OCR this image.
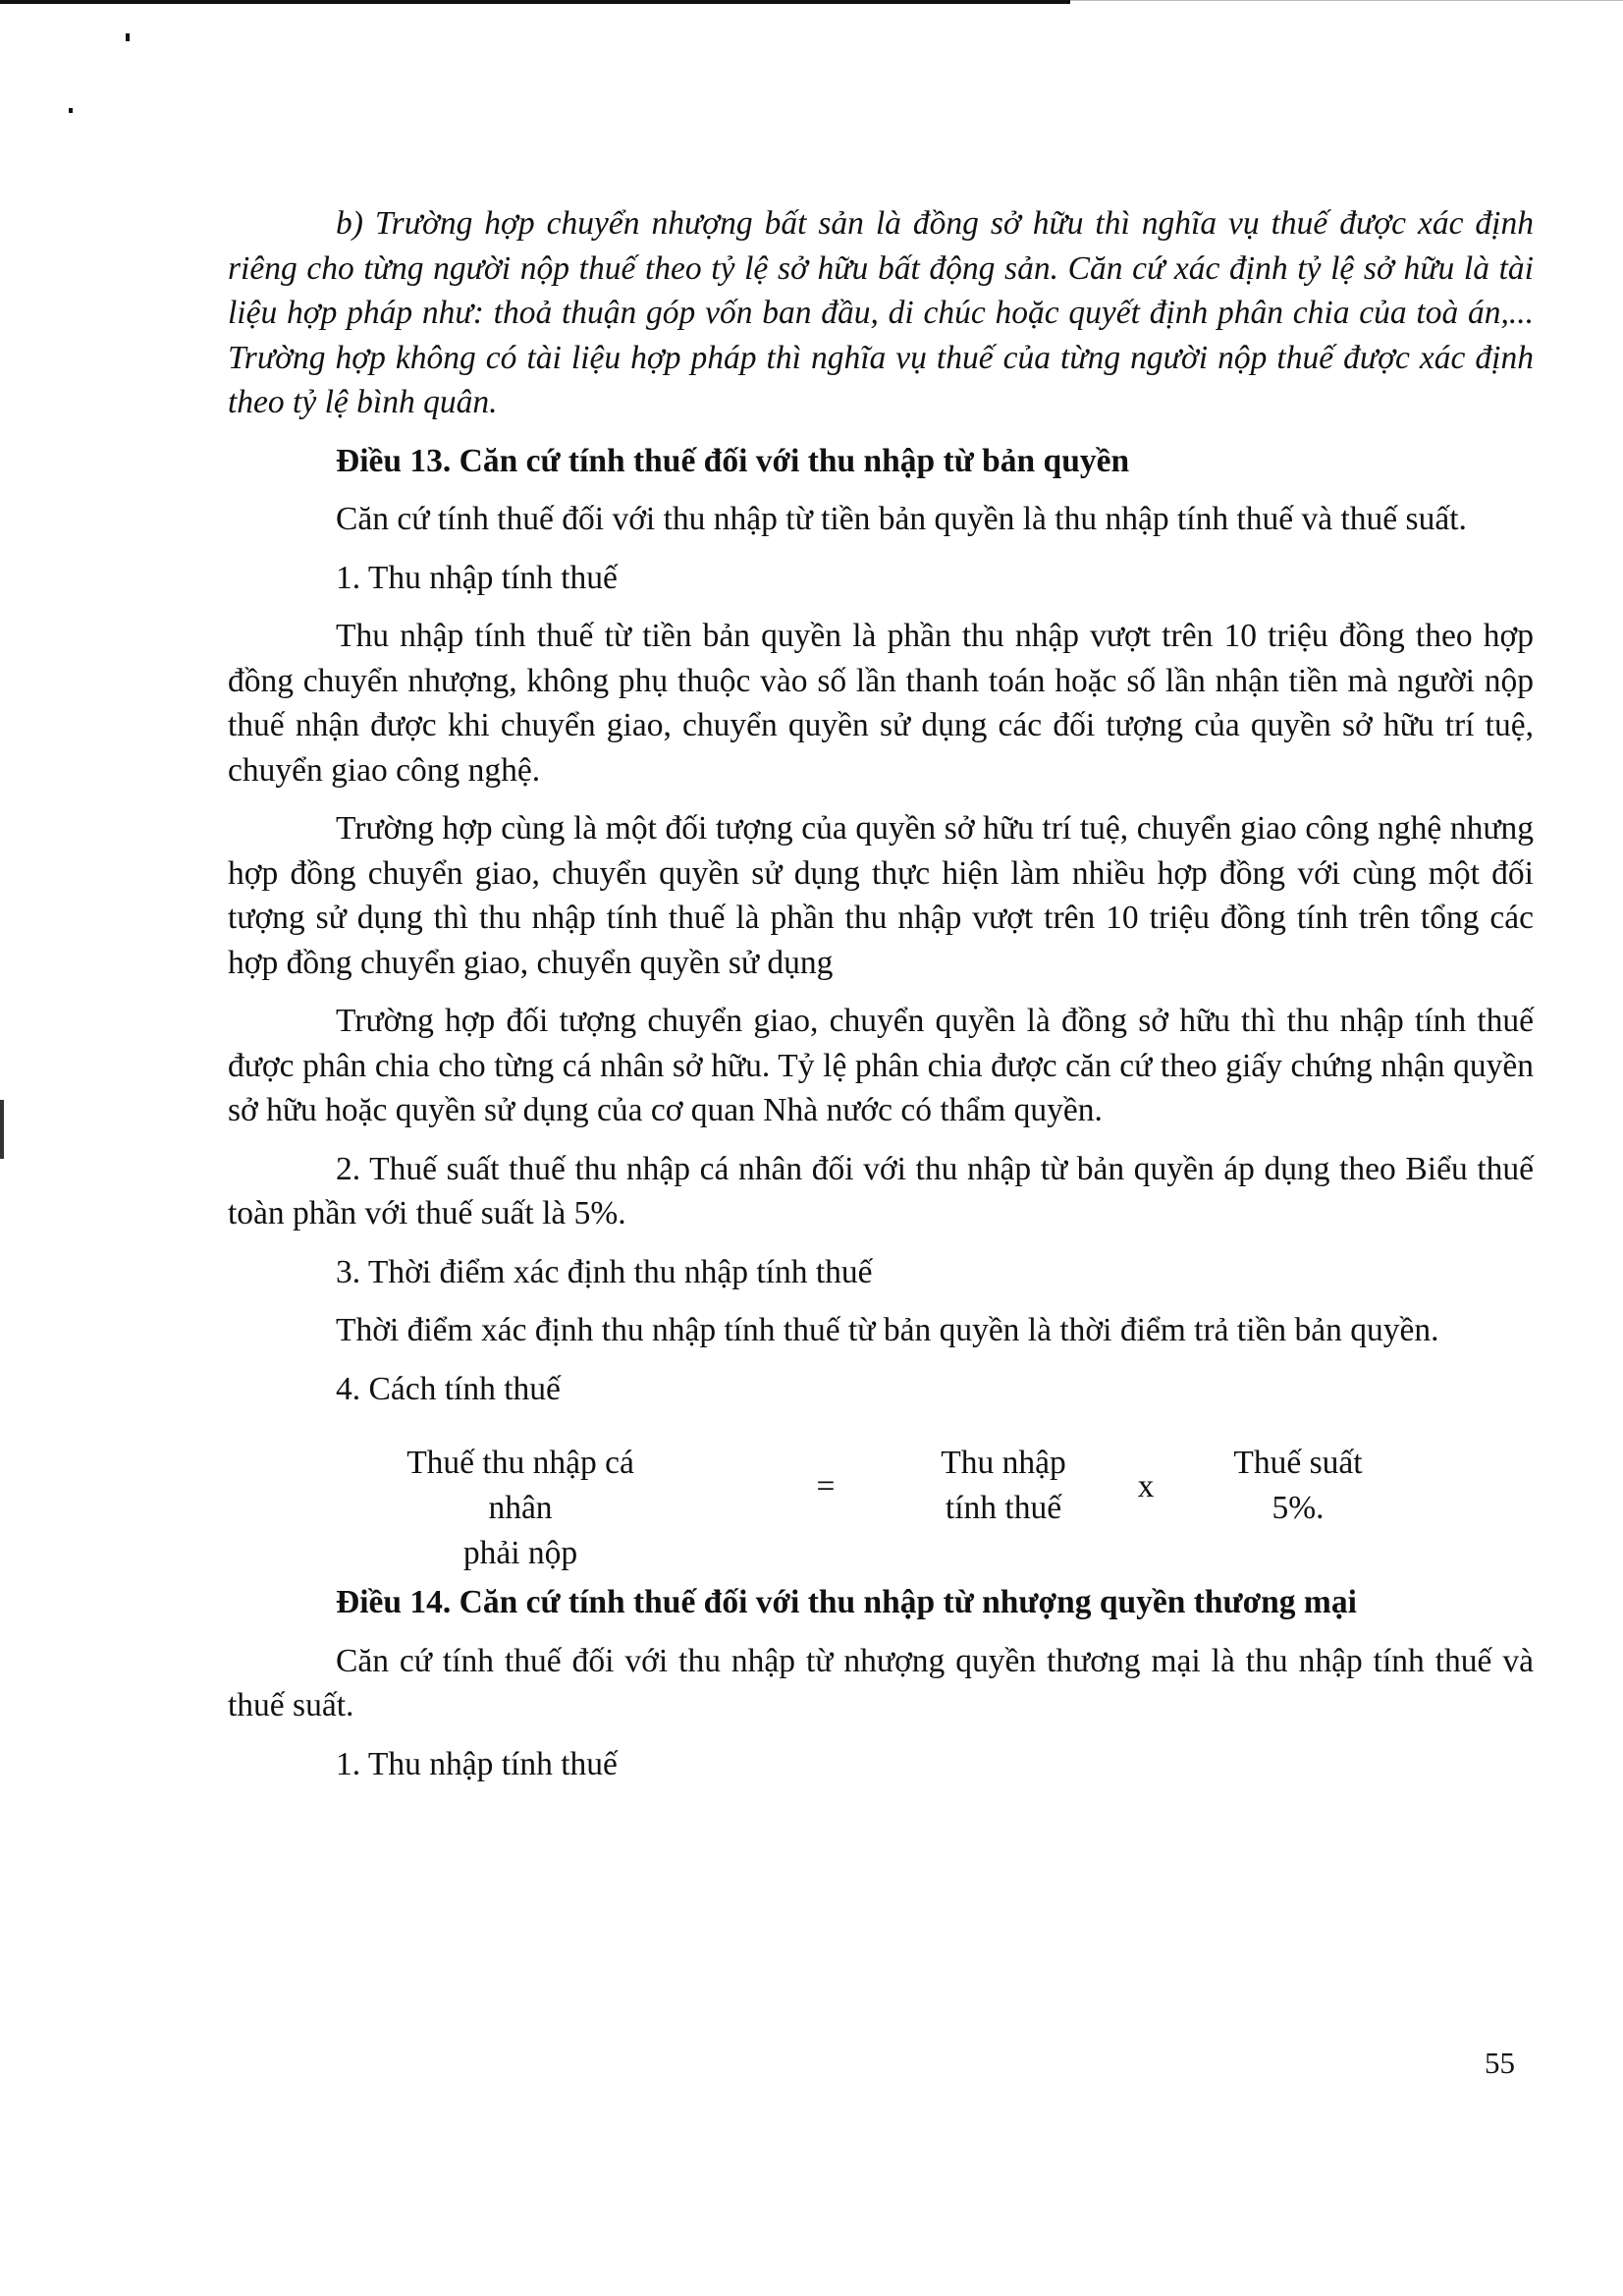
b) Trường hợp chuyển nhượng bất sản là đồng sở hữu thì nghĩa vụ thuế được xác định riêng cho từng người nộp thuế theo tỷ lệ sở hữu bất động sản. Căn cứ xác định tỷ lệ sở hữu là tài liệu hợp pháp như: thoả thuận góp vốn ban đầu, di chúc hoặc quyết định phân chia của toà án,... Trường hợp không có tài liệu hợp pháp thì nghĩa vụ thuế của từng người nộp thuế được xác định theo tỷ lệ bình quân.

Điều 13. Căn cứ tính thuế đối với thu nhập từ bản quyền

Căn cứ tính thuế đối với thu nhập từ tiền bản quyền là thu nhập tính thuế và thuế suất.

1. Thu nhập tính thuế

Thu nhập tính thuế từ tiền bản quyền là phần thu nhập vượt trên 10 triệu đồng theo hợp đồng chuyển nhượng, không phụ thuộc vào số lần thanh toán hoặc số lần nhận tiền mà người nộp thuế nhận được khi chuyển giao, chuyển quyền sử dụng các đối tượng của quyền sở hữu trí tuệ, chuyển giao công nghệ.

Trường hợp cùng là một đối tượng của quyền sở hữu trí tuệ, chuyển giao công nghệ nhưng hợp đồng chuyển giao, chuyển quyền sử dụng thực hiện làm nhiều hợp đồng với cùng một đối tượng sử dụng thì thu nhập tính thuế là phần thu nhập vượt trên 10 triệu đồng tính trên tổng các hợp đồng chuyển giao, chuyển quyền sử dụng

Trường hợp đối tượng chuyển giao, chuyển quyền là đồng sở hữu thì thu nhập tính thuế được phân chia cho từng cá nhân sở hữu. Tỷ lệ phân chia được căn cứ theo giấy chứng nhận quyền sở hữu hoặc quyền sử dụng của cơ quan Nhà nước có thẩm quyền.

2. Thuế suất thuế thu nhập cá nhân đối với thu nhập từ bản quyền áp dụng theo Biểu thuế toàn phần với thuế suất là 5%.

3. Thời điểm xác định thu nhập tính thuế

Thời điểm xác định thu nhập tính thuế từ bản quyền là thời điểm trả tiền bản quyền.

4. Cách tính thuế

Thuế thu nhập cá nhân
phải nộp
=
Thu nhập
tính thuế
x
Thuế suất
5%.

Điều 14. Căn cứ tính thuế đối với thu nhập từ nhượng quyền thương mại

Căn cứ tính thuế đối với thu nhập từ nhượng quyền thương mại là thu nhập tính thuế và thuế suất.

1. Thu nhập tính thuế

55
